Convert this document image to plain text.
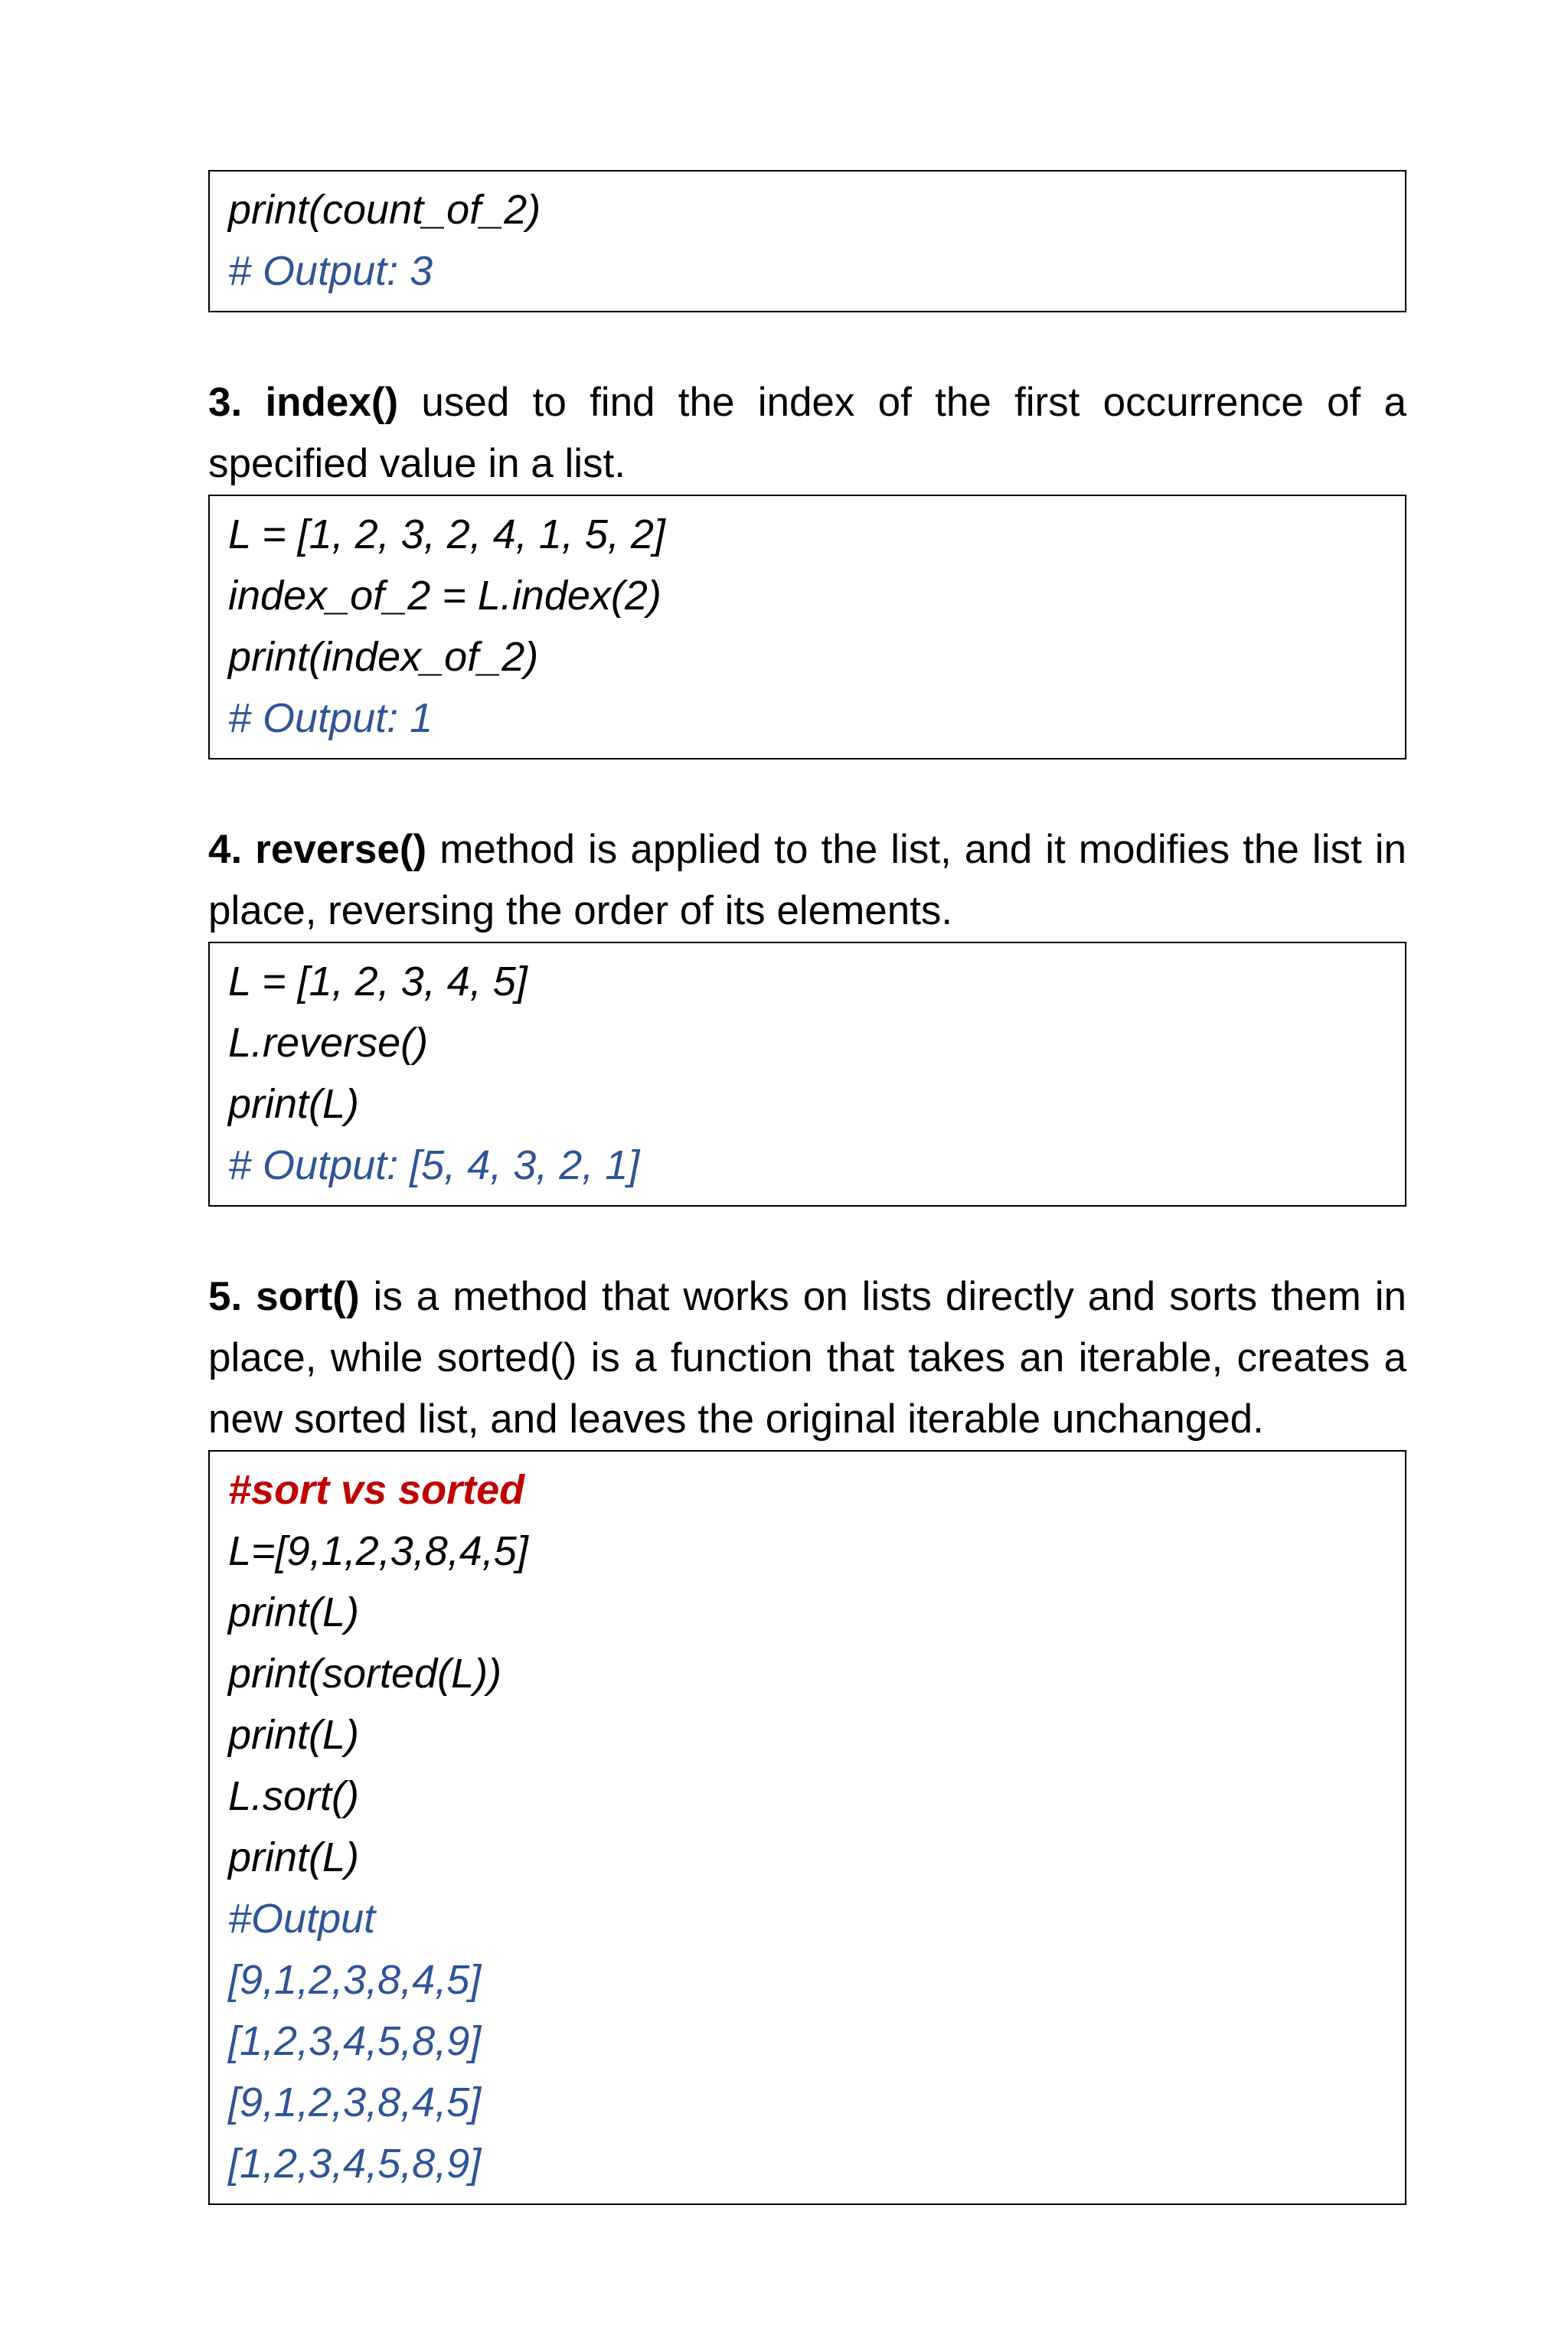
print(count_of_2)
# Output: 3

3. index() used to find the index of the first occurrence of a specified value in a list.

L = [1, 2, 3, 2, 4, 1, 5, 2]
index_of_2 = L.index(2)
print(index_of_2)
# Output: 1

4. reverse() method is applied to the list, and it modifies the list in place, reversing the order of its elements.

L = [1, 2, 3, 4, 5]
L.reverse()
print(L)
# Output: [5, 4, 3, 2, 1]

5. sort() is a method that works on lists directly and sorts them in place, while sorted() is a function that takes an iterable, creates a new sorted list, and leaves the original iterable unchanged.

#sort vs sorted
L=[9,1,2,3,8,4,5]
print(L)
print(sorted(L))
print(L)
L.sort()
print(L)
#Output
[9,1,2,3,8,4,5]
[1,2,3,4,5,8,9]
[9,1,2,3,8,4,5]
[1,2,3,4,5,8,9]
